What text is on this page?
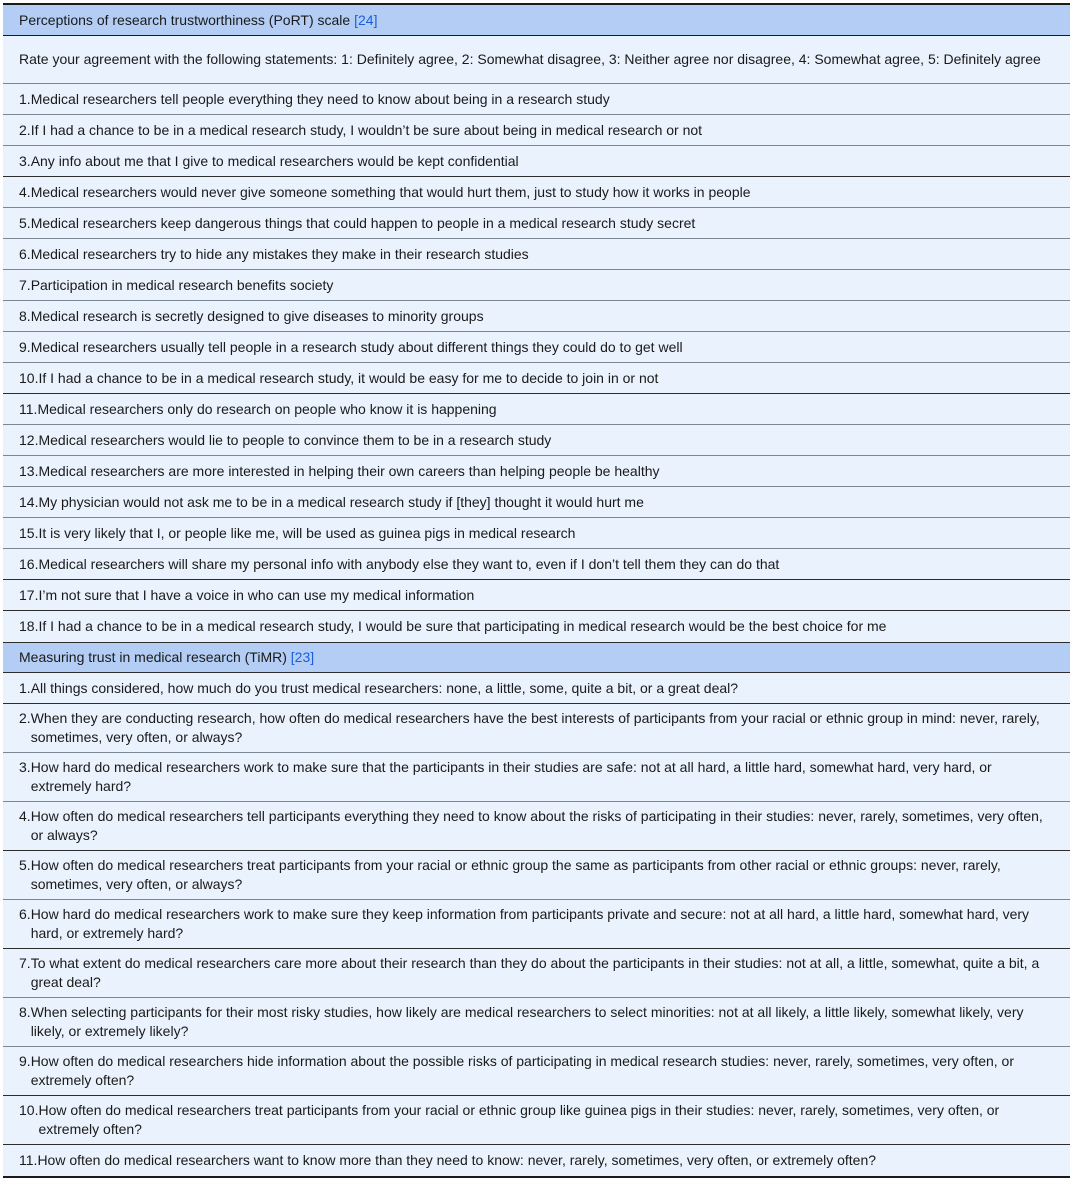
Perceptions of research trustworthiness (PoRT) scale [24]
Rate your agreement with the following statements: 1: Definitely agree, 2: Somewhat disagree, 3: Neither agree nor disagree, 4: Somewhat agree, 5: Definitely agree
1. Medical researchers tell people everything they need to know about being in a research study
2. If I had a chance to be in a medical research study, I wouldn’t be sure about being in medical research or not
3. Any info about me that I give to medical researchers would be kept confidential
4. Medical researchers would never give someone something that would hurt them, just to study how it works in people
5. Medical researchers keep dangerous things that could happen to people in a medical research study secret
6. Medical researchers try to hide any mistakes they make in their research studies
7. Participation in medical research benefits society
8. Medical research is secretly designed to give diseases to minority groups
9. Medical researchers usually tell people in a research study about different things they could do to get well
10. If I had a chance to be in a medical research study, it would be easy for me to decide to join in or not
11. Medical researchers only do research on people who know it is happening
12. Medical researchers would lie to people to convince them to be in a research study
13. Medical researchers are more interested in helping their own careers than helping people be healthy
14. My physician would not ask me to be in a medical research study if [they] thought it would hurt me
15. It is very likely that I, or people like me, will be used as guinea pigs in medical research
16. Medical researchers will share my personal info with anybody else they want to, even if I don’t tell them they can do that
17. I’m not sure that I have a voice in who can use my medical information
18. If I had a chance to be in a medical research study, I would be sure that participating in medical research would be the best choice for me
Measuring trust in medical research (TiMR) [23]
1. All things considered, how much do you trust medical researchers: none, a little, some, quite a bit, or a great deal?
2. When they are conducting research, how often do medical researchers have the best interests of participants from your racial or ethnic group in mind: never, rarely, sometimes, very often, or always?
3. How hard do medical researchers work to make sure that the participants in their studies are safe: not at all hard, a little hard, somewhat hard, very hard, or extremely hard?
4. How often do medical researchers tell participants everything they need to know about the risks of participating in their studies: never, rarely, sometimes, very often, or always?
5. How often do medical researchers treat participants from your racial or ethnic group the same as participants from other racial or ethnic groups: never, rarely, sometimes, very often, or always?
6. How hard do medical researchers work to make sure they keep information from participants private and secure: not at all hard, a little hard, somewhat hard, very hard, or extremely hard?
7. To what extent do medical researchers care more about their research than they do about the participants in their studies: not at all, a little, somewhat, quite a bit, a great deal?
8. When selecting participants for their most risky studies, how likely are medical researchers to select minorities: not at all likely, a little likely, somewhat likely, very likely, or extremely likely?
9. How often do medical researchers hide information about the possible risks of participating in medical research studies: never, rarely, sometimes, very often, or extremely often?
10. How often do medical researchers treat participants from your racial or ethnic group like guinea pigs in their studies: never, rarely, sometimes, very often, or extremely often?
11. How often do medical researchers want to know more than they need to know: never, rarely, sometimes, very often, or extremely often?
